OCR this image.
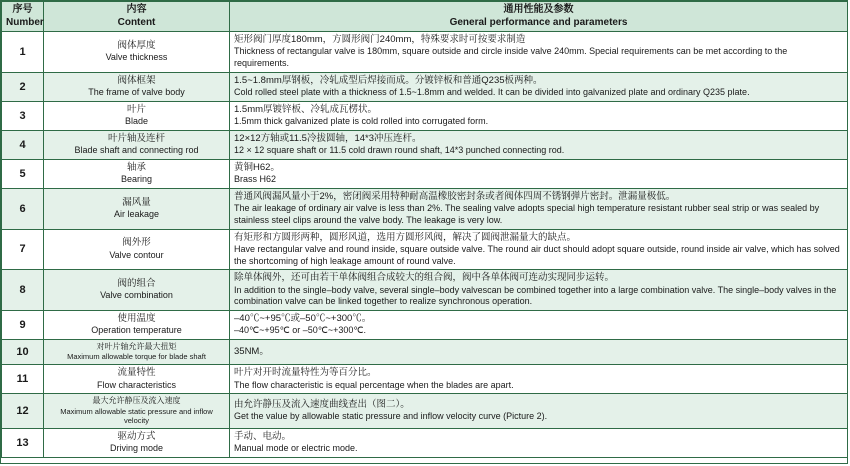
序号
Number	内容
Content	通用性能及参数
General performance and parameters

1	阀体厚度
Valve thickness	矩形阀门厚度180mm，方圆形阀门240mm，特殊要求时可按要求制造
Thickness of rectangular valve is 180mm, square outside and circle inside valve 240mm. Special requirements can be met according to the requirements.

2	阀体框架
The frame of valve body	1.5~1.8mm厚钢板，冷轧成型后焊接而成。分镀锌板和普通Q235板两种。
Cold rolled steel plate with a thickness of 1.5~1.8mm and welded. It can be divided into galvanized plate and ordinary Q235 plate.

3	叶片
Blade	1.5mm厚镀锌板、冷轧成瓦楞状。
1.5mm thick galvanized plate is cold rolled into corrugated form.

4	叶片轴及连杆
Blade shaft and connecting rod	12×12方轴或11.5冷拔圆轴，14*3冲压连杆。
12 × 12 square shaft or 11.5 cold drawn round shaft, 14*3 punched connecting rod.

5	轴承
Bearing	黄铜H62。
Brass H62

6	漏风量
Air leakage	普通风阀漏风量小于2%，密闭阀采用特种耐高温橡胶密封条或者阀体四周不锈钢弹片密封。泄漏量极低。
The air leakage of ordinary air valve is less than 2%. The sealing valve adopts special high temperature resistant rubber seal strip or was sealed by stainless steel clips around the valve body. The leakage is very low.

7	阀外形
Valve contour	有矩形和方圆形两种，圆形风道，选用方圆形风阀，解决了圆阀泄漏量大的缺点。
Have rectangular valve and round inside, square outside valve. The round air duct should adopt square outside, round inside air valve, which has solved the shortcoming of high leakage amount of round valve.

8	阀的组合
Valve combination	除单体阀外，还可由若干单体阀组合成较大的组合阀，阀中各单体阀可连动实现同步运转。
In addition to the single–body valve, several single–body valvescan be combined together into a large combination valve. The single–body valves in the combination valve can be linked together to realize synchronous operation.

9	使用温度
Operation temperature	–40℃~+95℃或–50℃~+300℃。
–40℃~+95℃ or –50℃~+300℃.

10	对叶片轴允许最大扭矩
Maximum allowable torque for blade shaft	35NM。

11	流量特性
Flow characteristics	叶片对开时流量特性为等百分比。
The flow characteristic is equal percentage when the blades are apart.

12	最大允许静压及流入速度
Maximum allowable static pressure and inflow velocity	由允许静压及流入速度曲线查出（图二）。
Get the value by allowable static pressure and inflow velocity curve (Picture 2).

13	驱动方式
Driving mode	手动、电动。
Manual mode or electric mode.
